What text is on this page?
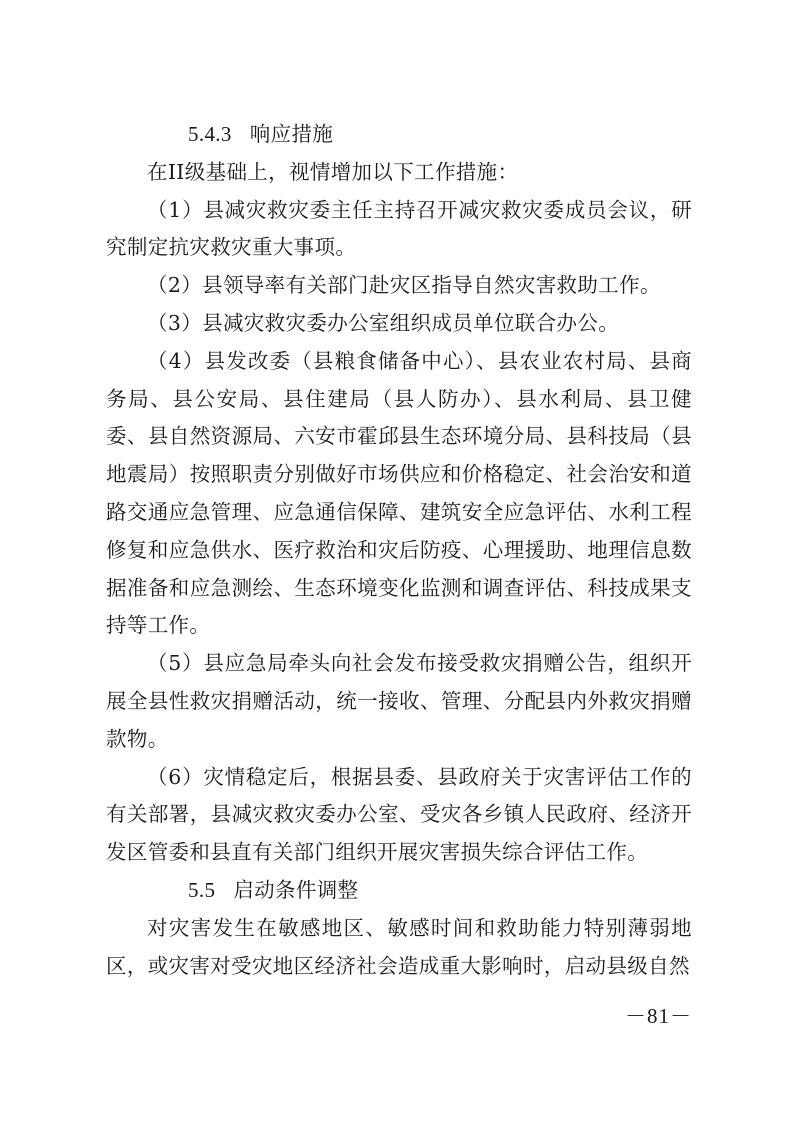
5.4.3 响应措施

在II级基础上，视情增加以下工作措施：

（1）县减灾救灾委主任主持召开减灾救灾委成员会议，研究制定抗灾救灾重大事项。

（2）县领导率有关部门赴灾区指导自然灾害救助工作。

（3）县减灾救灾委办公室组织成员单位联合办公。

（4）县发改委（县粮食储备中心）、县农业农村局、县商务局、县公安局、县住建局（县人防办）、县水利局、县卫健委、县自然资源局、六安市霍邱县生态环境分局、县科技局（县地震局）按照职责分别做好市场供应和价格稳定、社会治安和道路交通应急管理、应急通信保障、建筑安全应急评估、水利工程修复和应急供水、医疗救治和灾后防疫、心理援助、地理信息数据准备和应急测绘、生态环境变化监测和调查评估、科技成果支持等工作。

（5）县应急局牵头向社会发布接受救灾捐赠公告，组织开展全县性救灾捐赠活动，统一接收、管理、分配县内外救灾捐赠款物。

（6）灾情稳定后，根据县委、县政府关于灾害评估工作的有关部署，县减灾救灾委办公室、受灾各乡镇人民政府、经济开发区管委和县直有关部门组织开展灾害损失综合评估工作。

5.5 启动条件调整

对灾害发生在敏感地区、敏感时间和救助能力特别薄弱地区，或灾害对受灾地区经济社会造成重大影响时，启动县级自然

－81－
